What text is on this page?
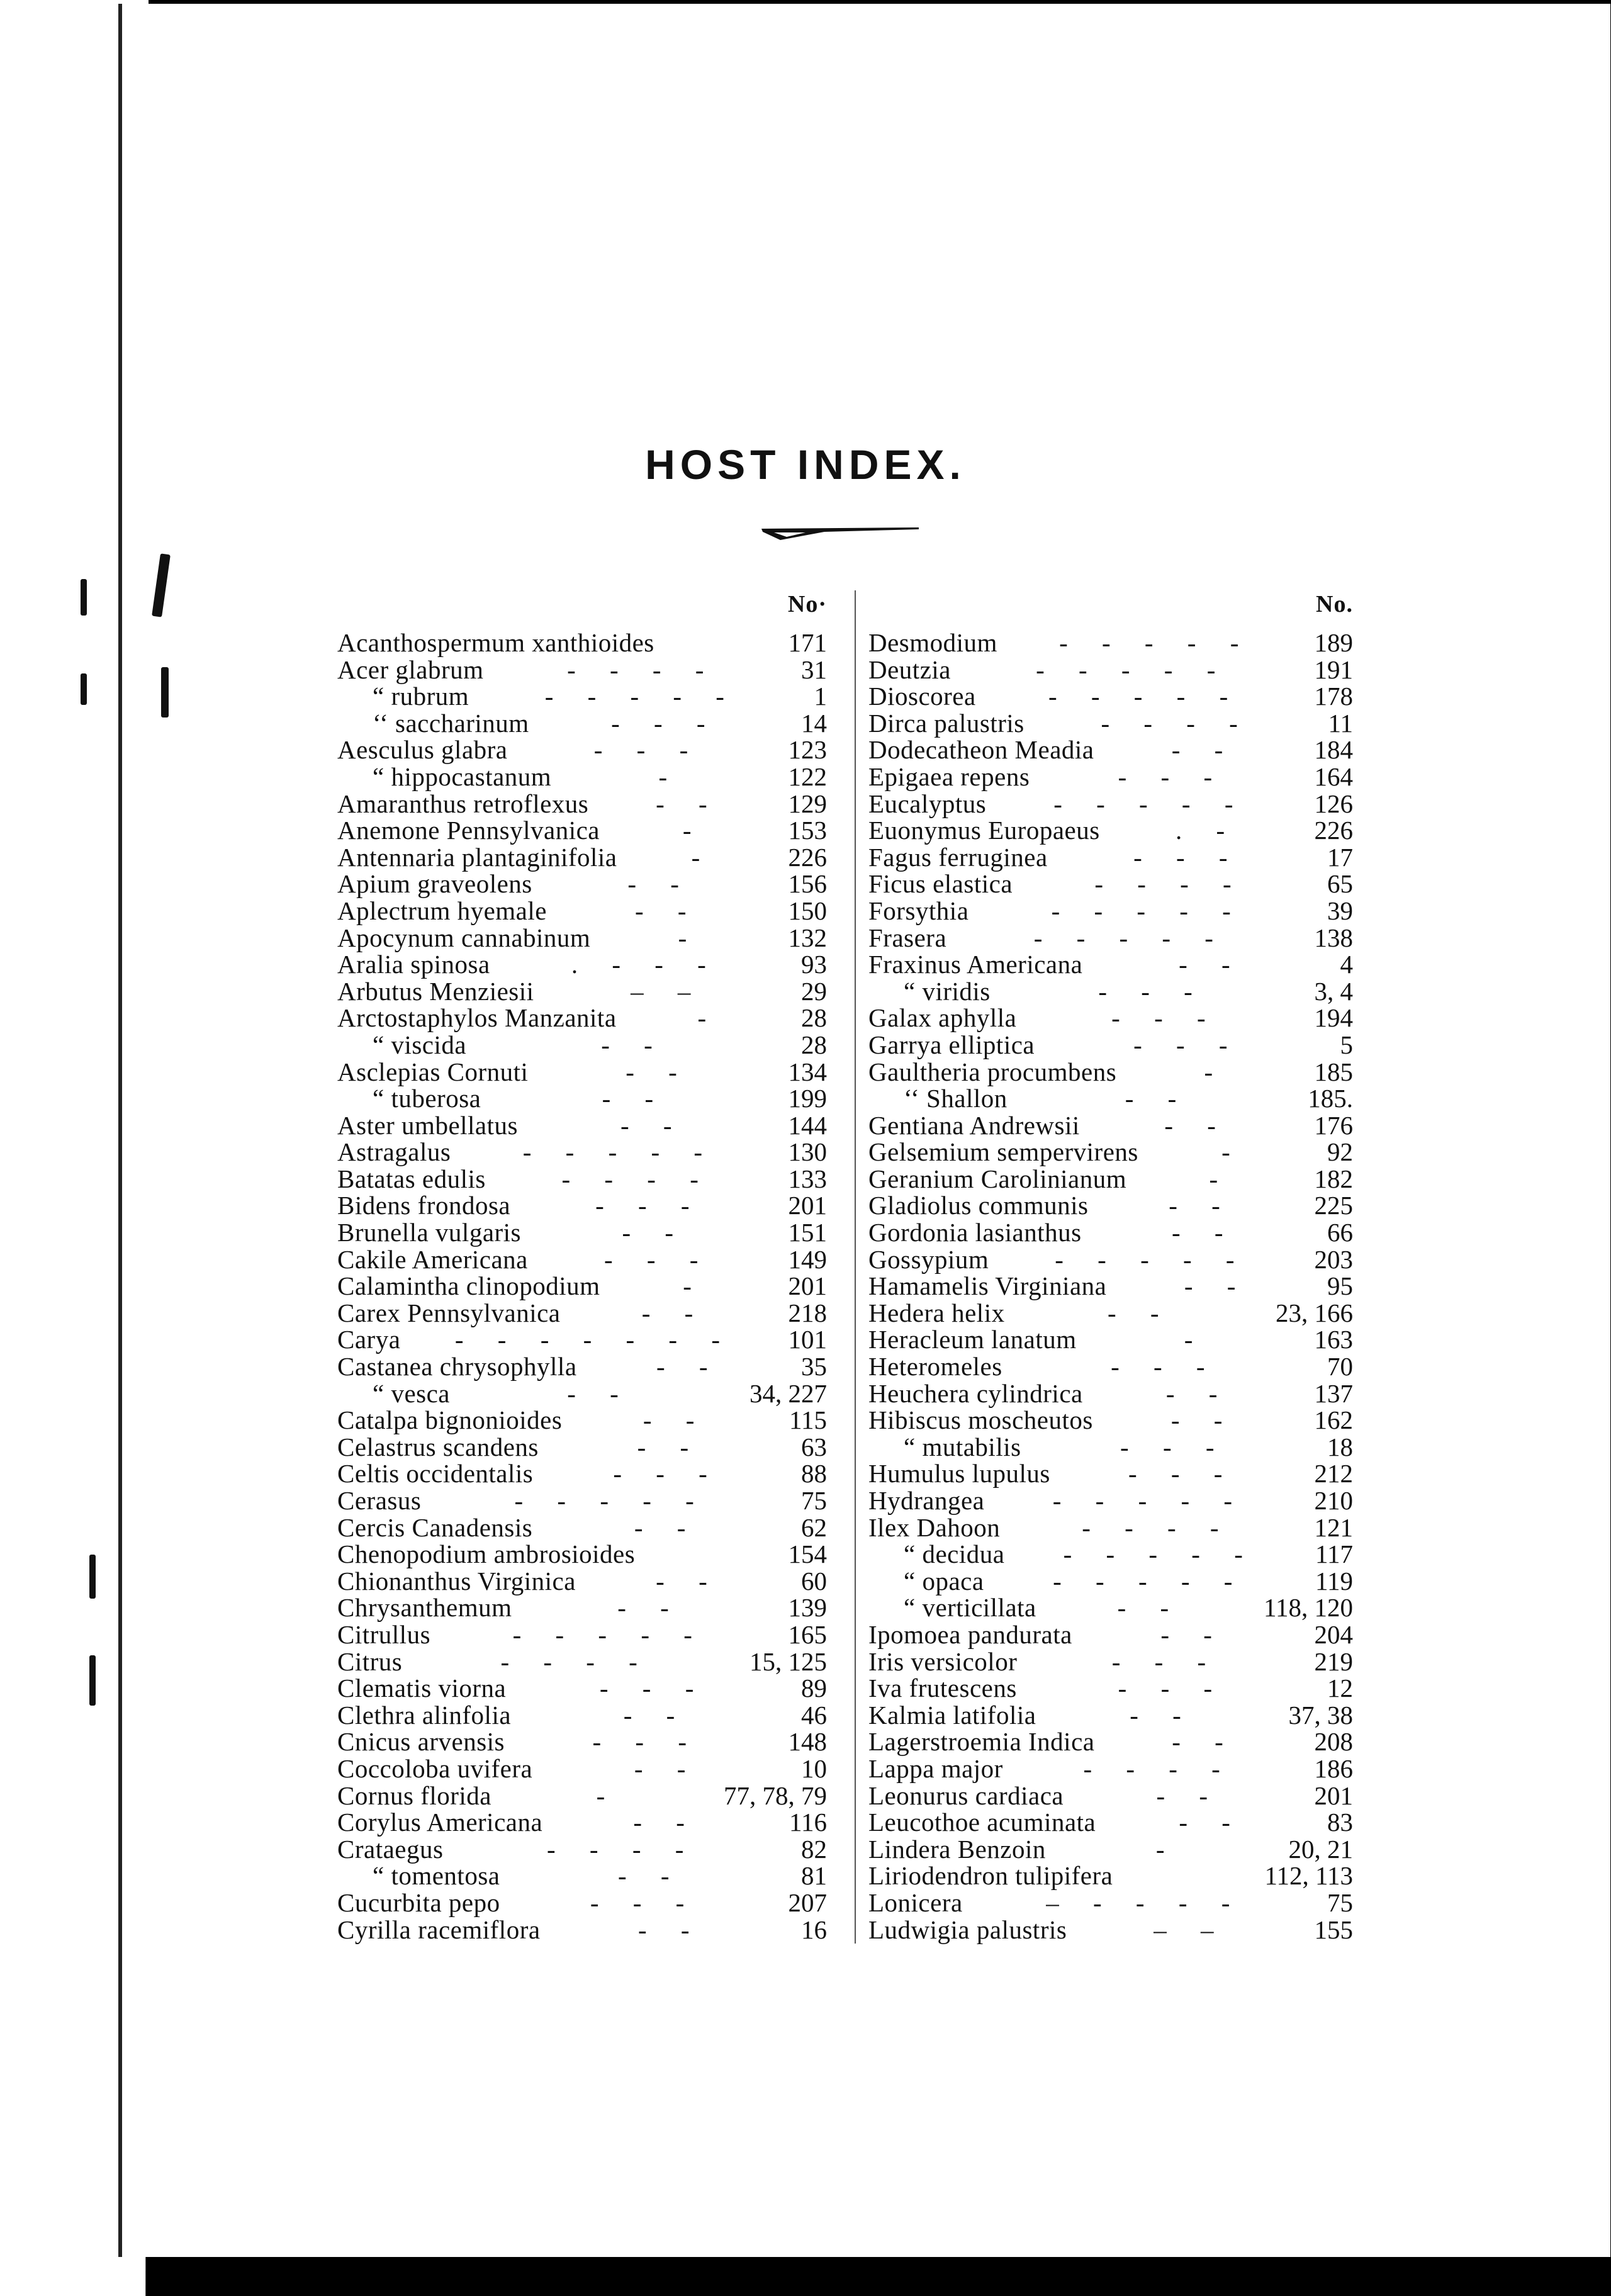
HOST INDEX.
No·
Acanthospermum xanthioides	171
Acer glabrum	- - - -	31
“ rubrum	- - - - -	1
‘‘ saccharinum	- - -	14
Aesculus glabra	- - -	123
“ hippocastanum	-	122
Amaranthus retroflexus	- -	129
Anemone Pennsylvanica	-	153
Antennaria plantaginifolia	-	226
Apium graveolens	- -	156
Aplectrum hyemale	- -	150
Apocynum cannabinum	-	132
Aralia spinosa	. - - -	93
Arbutus Menziesii	– –	29
Arctostaphylos Manzanita	-	28
“ viscida	- -	28
Asclepias Cornuti	- -	134
“ tuberosa	- -	199
Aster umbellatus	- -	144
Astragalus	- - - - -	130
Batatas edulis	- - - -	133
Bidens frondosa	- - -	201
Brunella vulgaris	- -	151
Cakile Americana	- - -	149
Calamintha clinopodium	-	201
Carex Pennsylvanica	- -	218
Carya	- - - - - - -	101
Castanea chrysophylla	- -	35
“ vesca	- -	34, 227
Catalpa bignonioides	- -	115
Celastrus scandens	- -	63
Celtis occidentalis	- - -	88
Cerasus	- - - - -	75
Cercis Canadensis	- -	62
Chenopodium ambrosioides	154
Chionanthus Virginica	- -	60
Chrysanthemum	- -	139
Citrullus	- - - - -	165
Citrus	- - - -	15, 125
Clematis viorna	- - -	89
Clethra alinfolia	- -	46
Cnicus arvensis	- - -	148
Coccoloba uvifera	- -	10
Cornus florida	-	77, 78, 79
Corylus Americana	- -	116
Crataegus	- - - -	82
“ tomentosa	- -	81
Cucurbita pepo	- - -	207
Cyrilla racemiflora	- -	16
No.
Desmodium	- - - - -	189
Deutzia	- - - - -	191
Dioscorea	- - - - -	178
Dirca palustris	- - - -	11
Dodecatheon Meadia	- -	184
Epigaea repens	- - -	164
Eucalyptus	- - - - -	126
Euonymus Europaeus	. -	226
Fagus ferruginea	- - -	17
Ficus elastica	- - - -	65
Forsythia	- - - - -	39
Frasera	- - - - -	138
Fraxinus Americana	- -	4
“ viridis	- - -	3, 4
Galax aphylla	- - -	194
Garrya elliptica	- - -	5
Gaultheria procumbens	-	185
‘‘ Shallon	- -	185.
Gentiana Andrewsii	- -	176
Gelsemium sempervirens	-	92
Geranium Carolinianum	-	182
Gladiolus communis	- -	225
Gordonia lasianthus	- -	66
Gossypium	- - - - -	203
Hamamelis Virginiana	- -	95
Hedera helix	- -	23, 166
Heracleum lanatum	-	163
Heteromeles	- - -	70
Heuchera cylindrica	- -	137
Hibiscus moscheutos	- -	162
“ mutabilis	- - -	18
Humulus lupulus	- - -	212
Hydrangea	- - - - -	210
Ilex Dahoon	- - - -	121
“ decidua	- - - - -	117
“ opaca	- - - - -	119
“ verticillata	- -	118, 120
Ipomoea pandurata	- -	204
Iris versicolor	- - -	219
Iva frutescens	- - -	12
Kalmia latifolia	- -	37, 38
Lagerstroemia Indica	- -	208
Lappa major	- - - -	186
Leonurus cardiaca	- -	201
Leucothoe acuminata	- -	83
Lindera Benzoin	-	20, 21
Liriodendron tulipifera	112, 113
Lonicera	– - - - -	75
Ludwigia palustris	– –	155
